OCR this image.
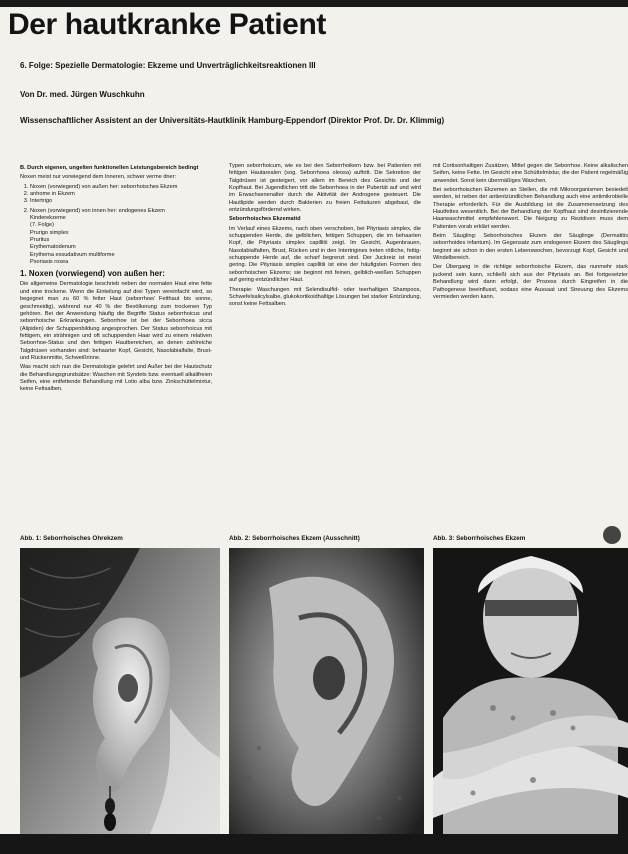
Der hautkranke Patient
6. Folge: Spezielle Dermatologie: Ekzeme und Unverträglichkeitsreaktionen III
Von Dr. med. Jürgen Wuschkuhn
Wissenschaftlicher Assistent an der Universitäts-Hautklinik Hamburg-Eppendorf (Direktor Prof. Dr. Dr. Klimmig)

B. Durch eigenen, ungelten funktionellen Leistungsbereich bedingt

Noxen meist nur vorwiegend dem Inneren, schwer verme dner:

1. Noxen (vorwiegend) von außen her: seborrhoisches Ekzem
2. anhome in Ekzem
3. Intertrigo
2. Noxen (vorwiegend) von innen her: endogenes Ekzem
Kinderekzeme
(7. Folge)
Prurigo simplex
Pruritus
Erythematodenum
Erythema exsudativum multiforme
Psoriasis rosea

1. Noxen (vorwiegend) von außen her:

Die allgemeine Dermatologie beschrieb neben der normalen Haut eine fette und eine trockene. Wenn die Einteilung auf drei Typen vereinfacht wird, so begegnet man zu 60 % fetter Haut (seborrhoe/ Fetthaut bis sonne, geschmeidig), während nur 40 % der Bevölkerung zum trockenen Typ gehören. Bei der Anwendung häufig die Begriffe Status seborrhoicus und seborrhoische Erkrankungen. Seborrhoe ist bei der Seborrhoea sicca (Alipiden) der Schuppenbildung angesprochen. Der Status seborrhoicus mit fettigem, ein strähnigen und oft schuppenden Haar wird zu einem relativen Seborrhoe-Status und den fettigen Hautbereichen, an denen zahlreiche Talgdrüsen vorhanden sind: behaarter Kopf, Gesicht, Nasolabialfalte, Brust- und Rückenmitte, Schweißrinne.

Was macht sich nun die Dermatologie gelehrt und Außer bei der Hautschutz die Behandlungsgrundsätze: Waschen mit Syndets bzw. eventuell alkalifreien Seifen, eine entfettende Behandlung mit Lotio alba bzw. Zinkschüttelmixtur, keine Fettsalben.

Typen seborrhoicum, wie es bei den Seborrhoikern bzw. bei Patienten mit fettigen Hautarealen (sog. Seborrhoea oleosa) auftritt. Die Sekretion der Talgdrüsen ist gesteigert, vor allem im Bereich des Gesichts und der Kopfhaut. Bei Jugendlichen tritt die Seborrhoea in der Pubertät auf und wird im Erwachsenenalter durch die Aktivität der Androgene gesteuert. Die Hautlipide werden durch Bakterien zu freien Fettsäuren abgebaut, die entzündungsfördernd wirken.

Seborrhoisches Ekzematid

Im Verlauf eines Ekzems, nach oben verschoben, bei Pityriasis simplex, die schuppenden Herde, die gelblichen, fettigen Schuppen, die im behaarten Kopf, die Pityriasis simplex capillitii zeigt. Im Gesicht, Augenbrauen, Nasolabialfalten, Brust, Rücken und in den Intertrigines treten rötliche, fettig-schuppende Herde auf, die scharf begrenzt sind. Der Juckreiz ist meist gering. Die Pityriasis simplex capillitii ist eine der häufigsten Formen des seborrhoischen Ekzems; sie beginnt mit feinen, gelblich-weißen Schuppen auf gering entzündlicher Haut.

Therapie: Waschungen mit Selendisulfid- oder teerhaltigen Shampoos, Schwefelsalicylsalbe, glukokortikoidhaltige Lösungen bei starker Entzündung, sonst keine Fettsalben.

mit Cortisonhaltigen Zusätzen, Mittel gegen die Seborrhoe. Keine alkalischen Seifen, keine Fette. Im Gesicht eine Schüttelmixtur, die der Patient regelmäßig anwendet. Sonst kein übermäßiges Waschen.

Bei seborrhoischen Ekzemen an Stellen, die mit Mikroorganismen besiedelt werden, ist neben der antientzündlichen Behandlung auch eine antimikrobielle Therapie erforderlich. Für die Ausbildung ist die Zusammensetzung des Hautfettes wesentlich. Bei der Behandlung der Kopfhaut sind desinfizierende Haarwaschmittel empfehlenswert. Die Neigung zu Rezidiven muss dem Patienten vorab erklärt werden.

Beim Säugling: Seborrhoisches Ekzem der Säuglinge (Dermatitis seborrhoides infantum). Im Gegensatz zum endogenen Ekzem des Säuglings beginnt sie schon in den ersten Lebenswochen, bevorzugt Kopf, Gesicht und Windelbereich.

Der Übergang in die richtige seborrhoische Ekzem, das nunmehr stark juckend sein kann, schließt sich aus der Pityriasis an. Bei fortgesetzter Behandlung wird dann erfolgt, der Prozess durch Eingreifen in die Pathogenese beeinflusst, sodass eine Aussaat und Streuung des Ekzems vermieden werden kann.

Abb. 1: Seborrhoisches Ohrekzem	Abb. 2: Seborrhoisches Ekzem (Ausschnitt)	Abb. 3: Seborrhoisches Ekzem
